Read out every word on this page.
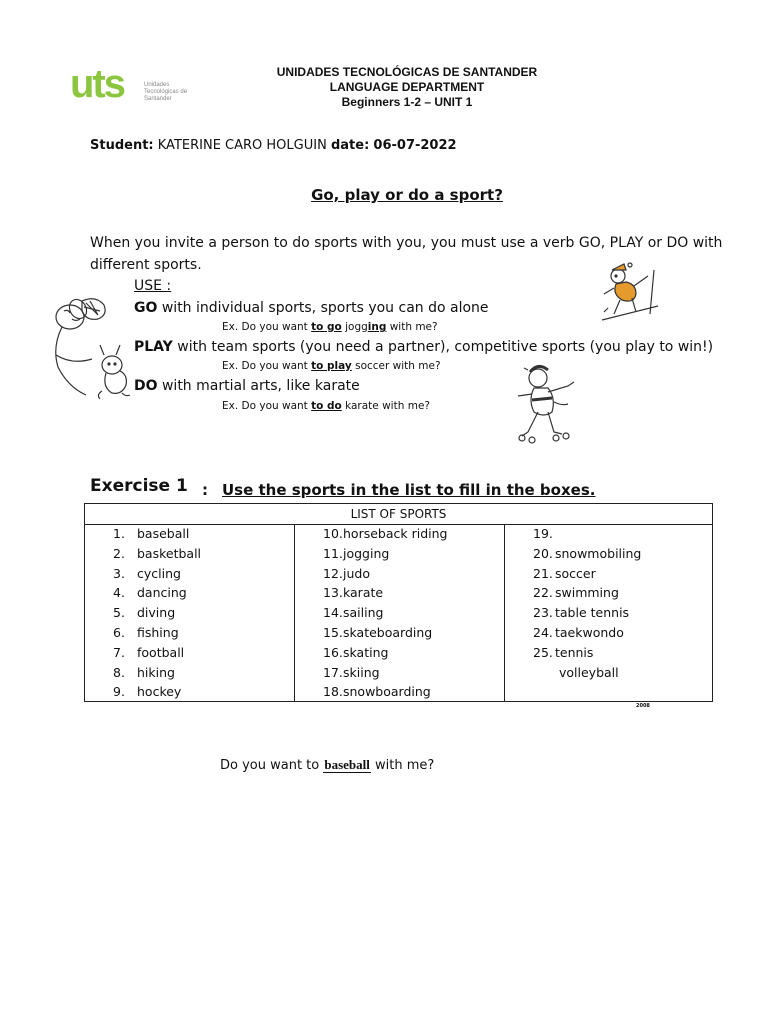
uts	Unidades Tecnológicas de Santander
UNIDADES TECNOLÓGICAS DE SANTANDER
LANGUAGE DEPARTMENT
Beginners 1-2 – UNIT 1
Student: KATERINE CARO HOLGUIN date: 06-07-2022
Go, play or do a sport?
When you invite a person to do sports with you, you must use a verb GO, PLAY or DO with
different sports.
USE :
GO with individual sports, sports you can do alone
Ex. Do you want to go jogging with me?
PLAY with team sports (you need a partner), competitive sports (you play to win!)
Ex. Do you want to play soccer with me?
DO with martial arts, like karate
Ex. Do you want to do karate with me?
Exercise 1 : Use the sports in the list to fill in the boxes.
LIST OF SPORTS
1. baseball
2. basketball
3. cycling
4. dancing
5. diving
6. fishing
7. football
8. hiking
9. hockey
10. horseback riding
11. jogging
12. judo
13. karate
14. sailing
15. skateboarding
16. skating
17. skiing
18. snowboarding
19.
20. snowmobiling
21. soccer
22. swimming
23. table tennis
24. taekwondo
25. tennis
volleyball
2008
Do you want to baseball with me?
